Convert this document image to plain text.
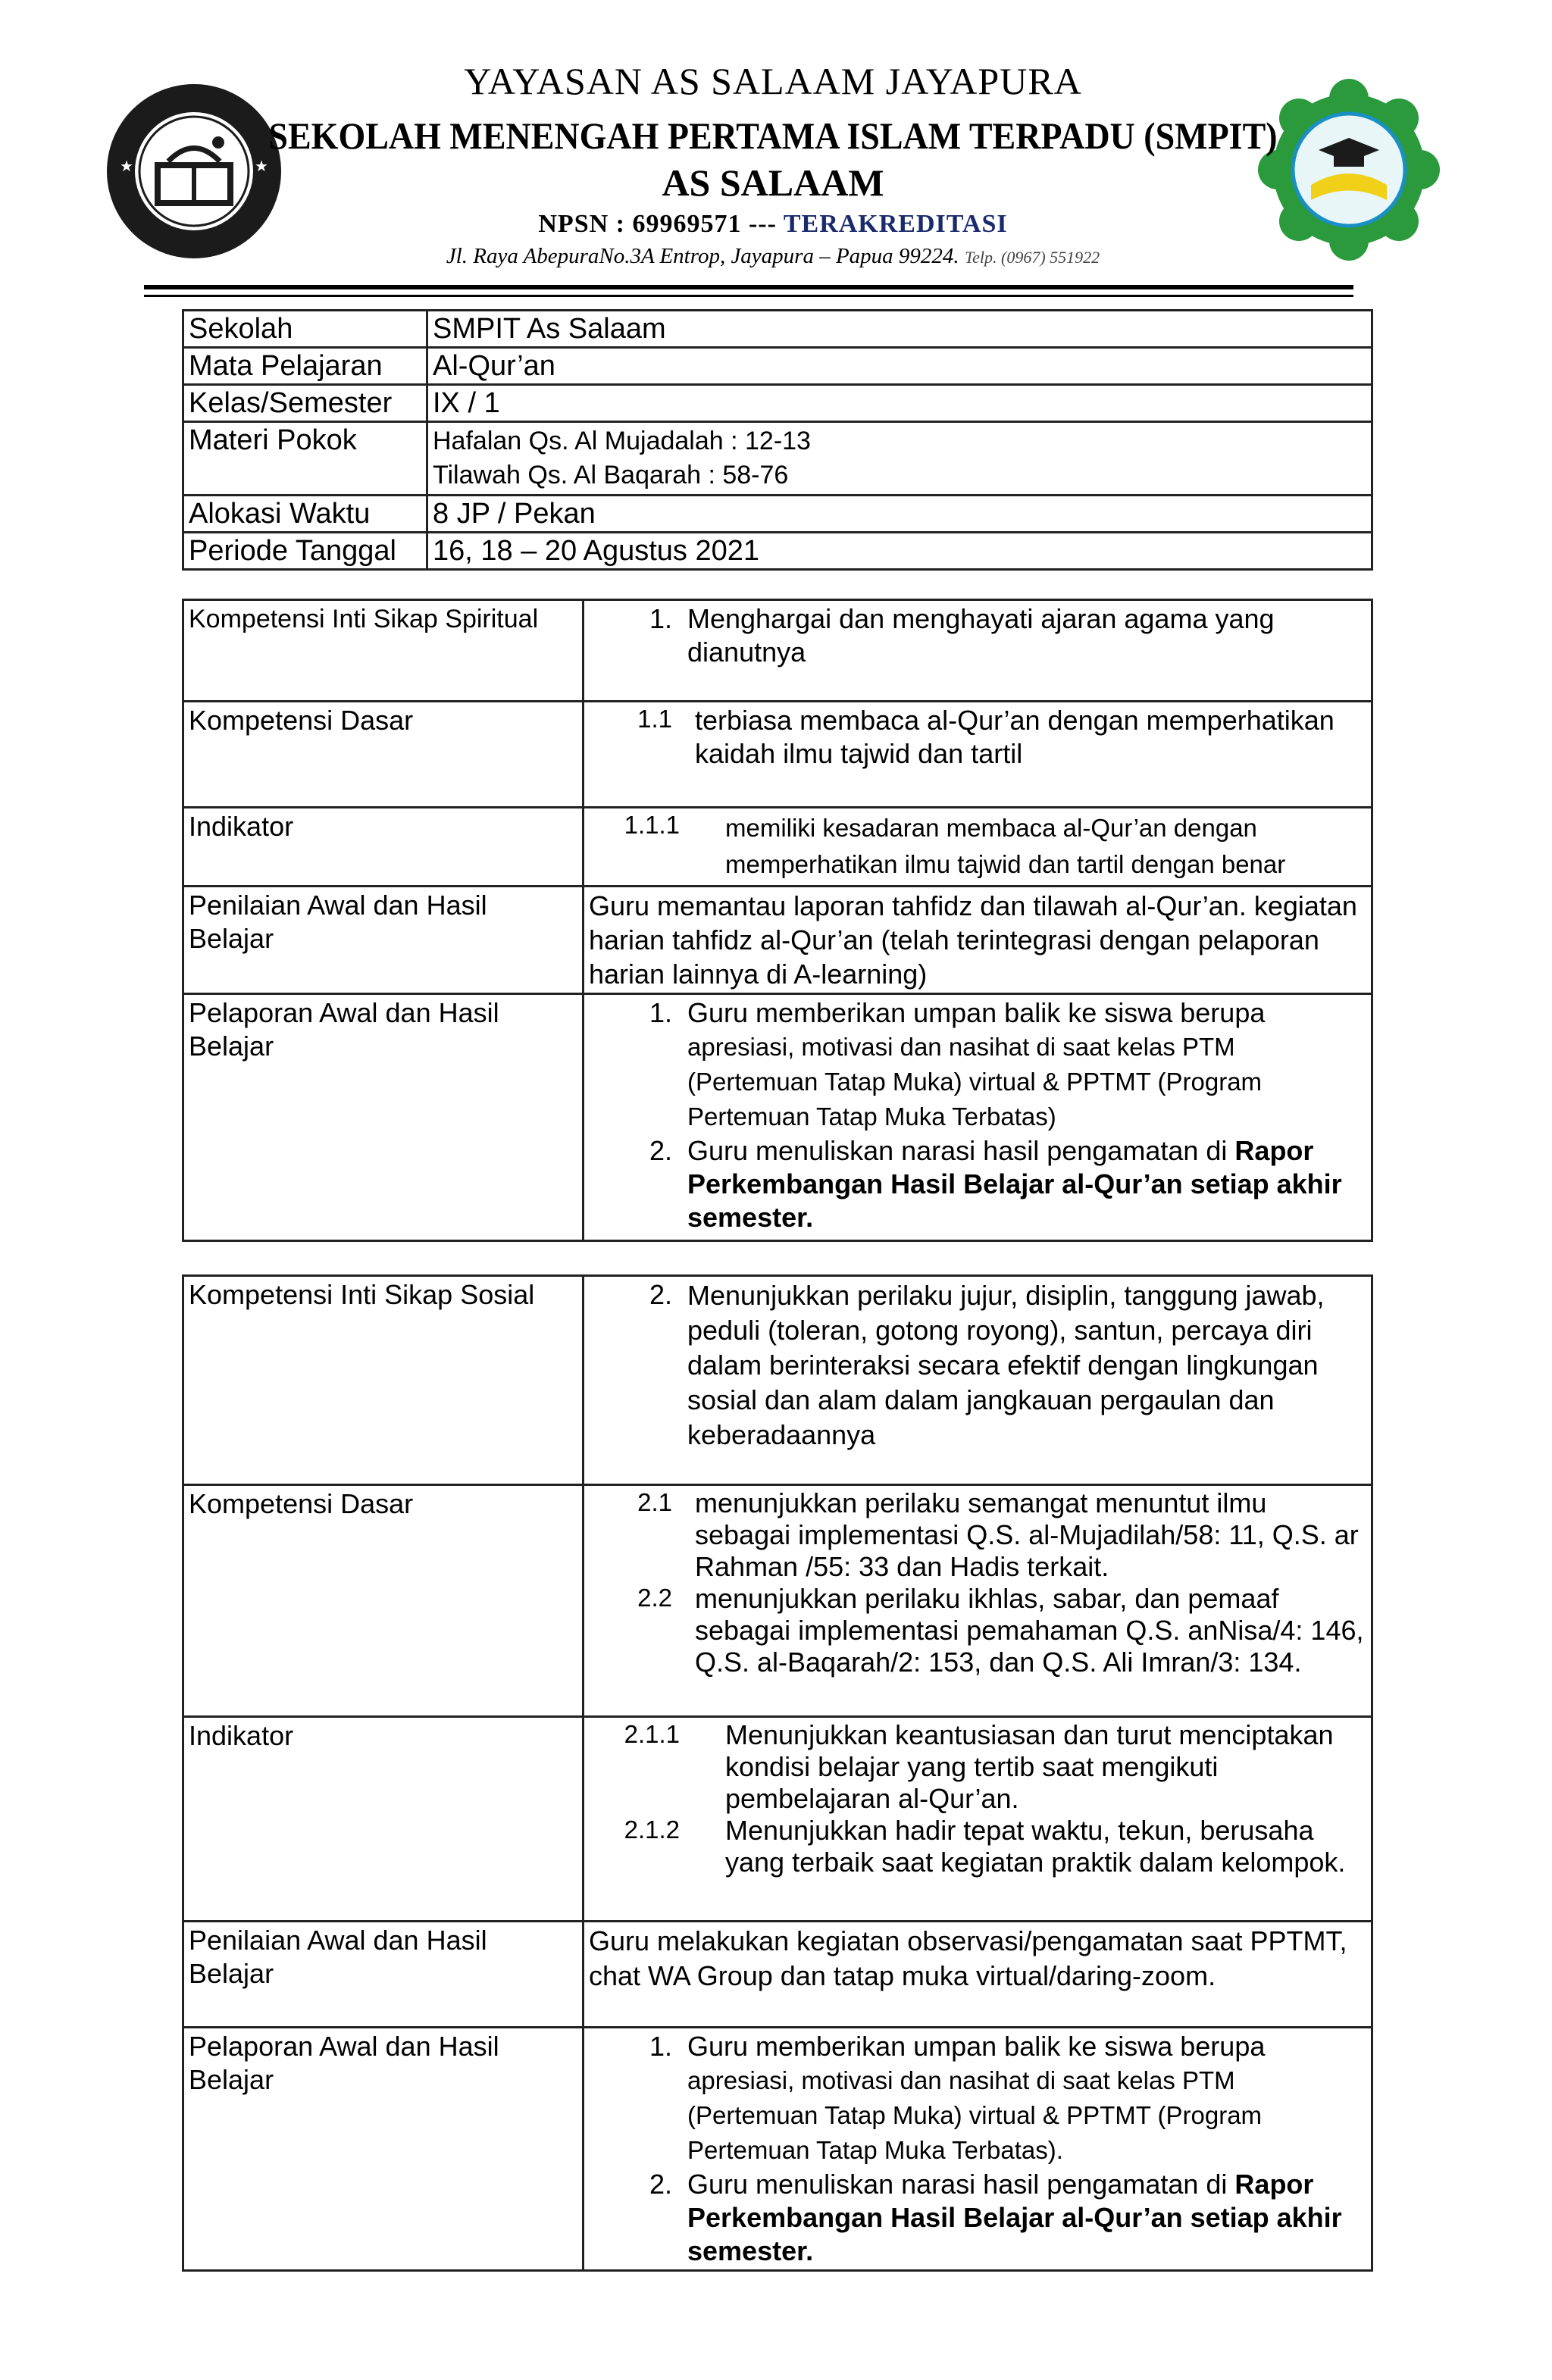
★	★
YAYASAN AS SALAAM JAYAPURA
SEKOLAH MENENGAH PERTAMA ISLAM TERPADU (SMPIT)
AS SALAAM
NPSN : 69969571 --- TERAKREDITASI
Jl. Raya AbepuraNo.3A Entrop, Jayapura – Papua 99224. Telp. (0967) 551922
Sekolah	SMPIT As Salaam
Mata Pelajaran	Al-Qur’an
Kelas/Semester	IX / 1
Materi Pokok	Hafalan Qs. Al Mujadalah : 12-13
Tilawah Qs. Al Baqarah : 58-76

Alokasi Waktu	8 JP / Pekan
Periode Tanggal	16, 18 – 20 Agustus 2021
Kompetensi Inti Sikap Spiritual	1. Menghargai dan menghayati ajaran agama yang dianutnya

Kompetensi Dasar	1.1 terbiasa membaca al-Qur’an dengan memperhatikan kaidah ilmu tajwid dan tartil

Indikator	1.1.1 memiliki kesadaran membaca al-Qur’an dengan memperhatikan ilmu tajwid dan tartil dengan benar

Penilaian Awal dan Hasil Belajar	Guru memantau laporan tahfidz dan tilawah al-Qur’an. kegiatan harian tahfidz al-Qur’an (telah terintegrasi dengan pelaporan harian lainnya di A-learning)
Pelaporan Awal dan Hasil Belajar	1. Guru memberikan umpan balik ke siswa berupa
apresiasi, motivasi dan nasihat di saat kelas PTM (Pertemuan Tatap Muka) virtual & PPTMT (Program Pertemuan Tatap Muka Terbatas)
2. Guru menuliskan narasi hasil pengamatan di Rapor Perkembangan Hasil Belajar al-Qur’an setiap akhir semester.
Kompetensi Inti Sikap Sosial	2. Menunjukkan perilaku jujur, disiplin, tanggung jawab, peduli (toleran, gotong royong), santun, percaya diri dalam berinteraksi secara efektif dengan lingkungan sosial dan alam dalam jangkauan pergaulan dan keberadaannya

Kompetensi Dasar	2.1 menunjukkan perilaku semangat menuntut ilmu sebagai implementasi Q.S. al-Mujadilah/58: 11, Q.S. ar Rahman /55: 33 dan Hadis terkait.
2.2 menunjukkan perilaku ikhlas, sabar, dan pemaaf sebagai implementasi pemahaman Q.S. anNisa/4: 146, Q.S. al-Baqarah/2: 153, dan Q.S. Ali Imran/3: 134.

Indikator	2.1.1 Menunjukkan keantusiasan dan turut menciptakan kondisi belajar yang tertib saat mengikuti pembelajaran al-Qur’an.
2.1.2 Menunjukkan hadir tepat waktu, tekun, berusaha yang terbaik saat kegiatan praktik dalam kelompok.

Penilaian Awal dan Hasil Belajar	Guru melakukan kegiatan observasi/pengamatan saat PPTMT, chat WA Group dan tatap muka virtual/daring-zoom.
Pelaporan Awal dan Hasil Belajar	1. Guru memberikan umpan balik ke siswa berupa
apresiasi, motivasi dan nasihat di saat kelas PTM (Pertemuan Tatap Muka) virtual & PPTMT (Program Pertemuan Tatap Muka Terbatas).
2. Guru menuliskan narasi hasil pengamatan di Rapor Perkembangan Hasil Belajar al-Qur’an setiap akhir semester.
